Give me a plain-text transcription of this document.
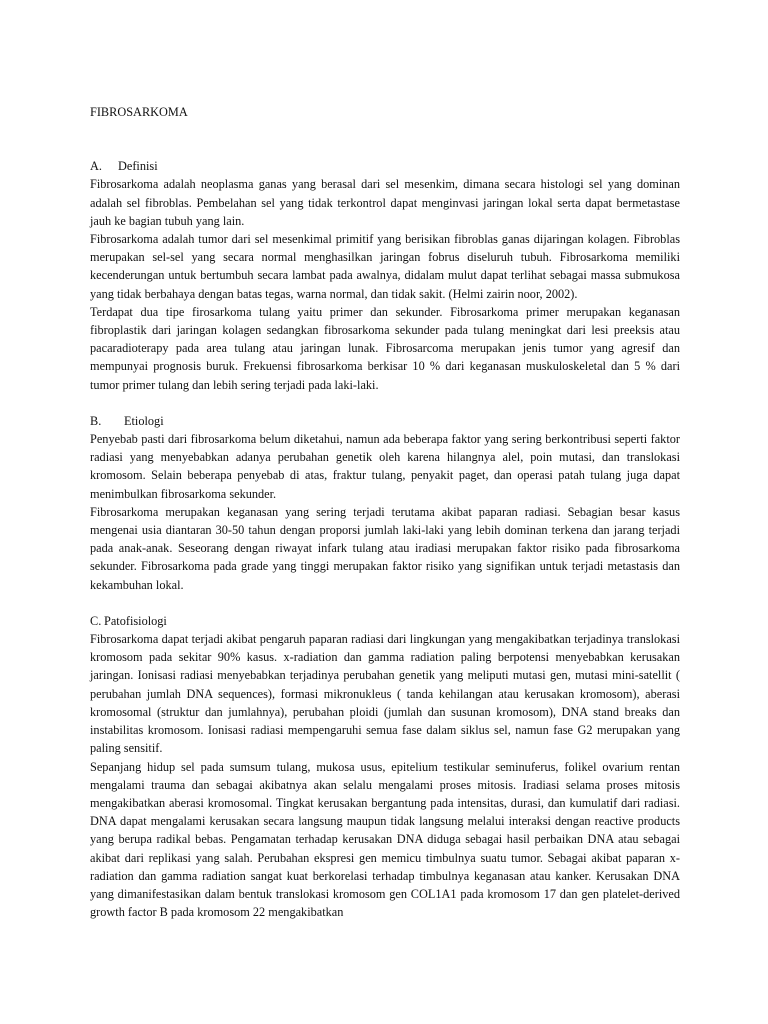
FIBROSARKOMA

A.	Definisi

Fibrosarkoma adalah neoplasma ganas yang berasal dari sel mesenkim, dimana secara histologi sel yang dominan adalah sel fibroblas. Pembelahan sel yang tidak terkontrol dapat menginvasi jaringan lokal serta dapat bermetastase jauh ke bagian tubuh yang lain.

Fibrosarkoma adalah tumor dari sel mesenkimal primitif yang berisikan fibroblas ganas dijaringan kolagen. Fibroblas merupakan sel-sel yang secara normal menghasilkan jaringan fobrus diseluruh tubuh. Fibrosarkoma memiliki kecenderungan untuk bertumbuh secara lambat pada awalnya, didalam mulut dapat terlihat sebagai massa submukosa yang tidak berbahaya dengan batas tegas, warna normal, dan tidak sakit. (Helmi zairin noor, 2002).

Terdapat dua tipe firosarkoma tulang yaitu primer dan sekunder. Fibrosarkoma primer merupakan keganasan fibroplastik dari jaringan kolagen sedangkan fibrosarkoma sekunder pada tulang meningkat dari lesi preeksis atau pacaradioterapy pada area tulang atau jaringan lunak. Fibrosarcoma merupakan jenis tumor yang agresif dan mempunyai prognosis buruk. Frekuensi fibrosarkoma berkisar 10 % dari keganasan muskuloskeletal dan 5 % dari tumor primer tulang dan lebih sering terjadi pada laki-laki.

B.	Etiologi

Penyebab pasti dari fibrosarkoma belum diketahui, namun ada beberapa faktor yang sering berkontribusi seperti faktor radiasi yang menyebabkan adanya perubahan genetik oleh karena hilangnya alel, poin mutasi, dan translokasi kromosom. Selain beberapa penyebab di atas, fraktur tulang, penyakit paget, dan operasi patah tulang juga dapat menimbulkan fibrosarkoma sekunder.

Fibrosarkoma merupakan keganasan yang sering terjadi terutama akibat paparan radiasi. Sebagian besar kasus mengenai usia diantaran 30-50 tahun dengan proporsi jumlah laki-laki yang lebih dominan terkena dan jarang terjadi pada anak-anak. Seseorang dengan riwayat infark tulang atau iradiasi merupakan faktor risiko pada fibrosarkoma sekunder. Fibrosarkoma pada grade yang tinggi merupakan faktor risiko yang signifikan untuk terjadi metastasis dan kekambuhan lokal.

C. Patofisiologi

Fibrosarkoma dapat terjadi akibat pengaruh paparan radiasi dari lingkungan yang mengakibatkan terjadinya translokasi kromosom pada sekitar 90% kasus. x-radiation dan gamma radiation paling berpotensi menyebabkan kerusakan jaringan. Ionisasi radiasi menyebabkan terjadinya perubahan genetik yang meliputi mutasi gen, mutasi mini-satellit ( perubahan jumlah DNA sequences), formasi mikronukleus ( tanda kehilangan atau kerusakan kromosom), aberasi kromosomal (struktur dan jumlahnya), perubahan ploidi (jumlah dan susunan kromosom), DNA stand breaks dan instabilitas kromosom. Ionisasi radiasi mempengaruhi semua fase dalam siklus sel, namun fase G2 merupakan yang paling sensitif.

Sepanjang hidup sel pada sumsum tulang, mukosa usus, epitelium testikular seminuferus, folikel ovarium rentan mengalami trauma dan sebagai akibatnya akan selalu mengalami proses mitosis. Iradiasi selama proses mitosis mengakibatkan aberasi kromosomal. Tingkat kerusakan bergantung pada intensitas, durasi, dan kumulatif dari radiasi. DNA dapat mengalami kerusakan secara langsung maupun tidak langsung melalui interaksi dengan reactive products yang berupa radikal bebas. Pengamatan terhadap kerusakan DNA diduga sebagai hasil perbaikan DNA atau sebagai akibat dari replikasi yang salah. Perubahan ekspresi gen memicu timbulnya suatu tumor. Sebagai akibat paparan x-radiation dan gamma radiation sangat kuat berkorelasi terhadap timbulnya keganasan atau kanker. Kerusakan DNA yang dimanifestasikan dalam bentuk translokasi kromosom gen COL1A1 pada kromosom 17 dan gen platelet-derived growth factor B pada kromosom 22 mengakibatkan
